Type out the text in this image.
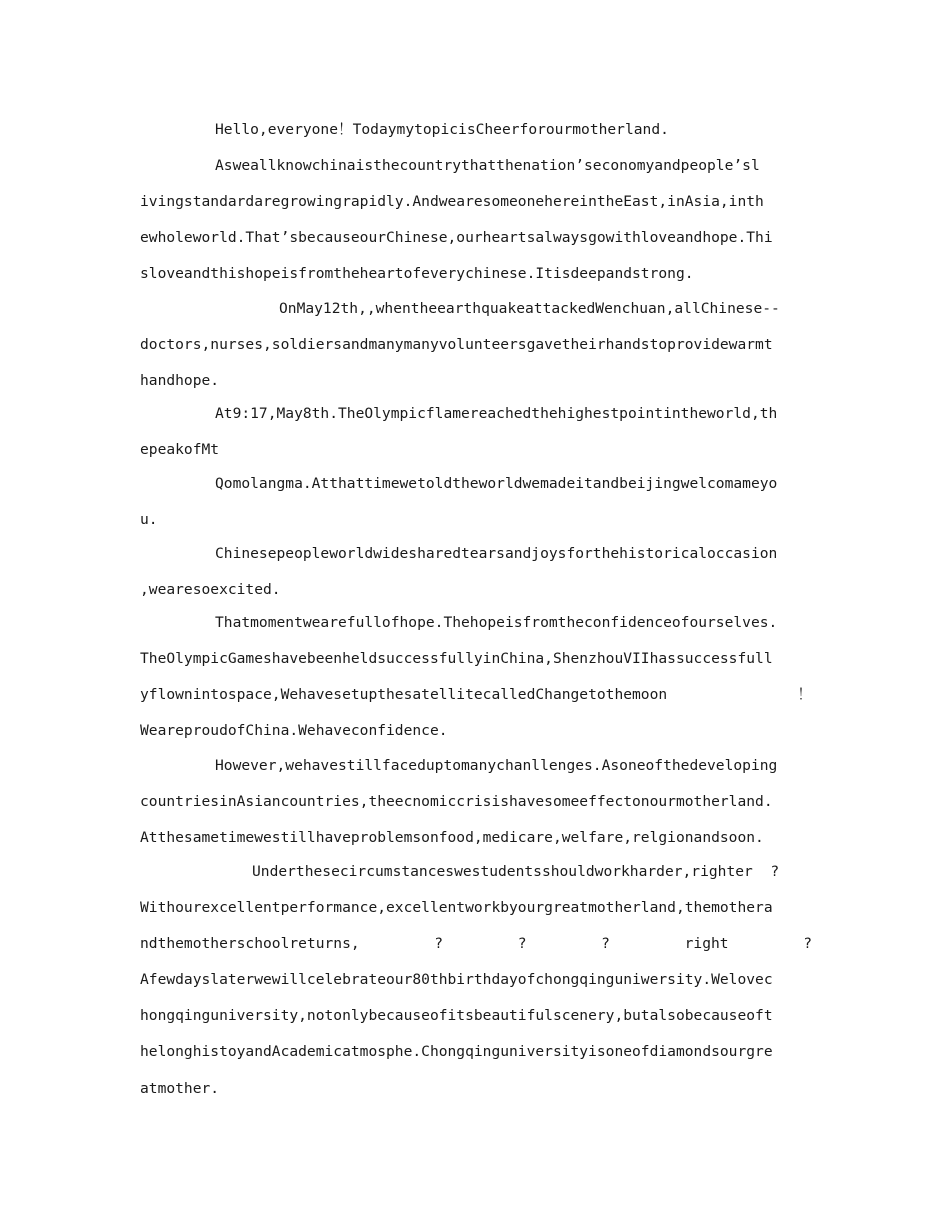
Hello,everyone！TodaymytopicisCheerforourmotherland.
Asweallknowchinaisthecountrythatthenation’seconomyandpeople’sl
ivingstandardaregrowingrapidly.AndwearesomeonehereintheEast,inAsia,inth
ewholeworld.That’sbecauseourChinese,ourheartsalwaysgowithloveandhope.Thi
sloveandthishopeisfromtheheartofeverychinese.Itisdeepandstrong.
OnMay12th,,whentheearthquakeattackedWenchuan,allChinese--
doctors,nurses,soldiersandmanymanyvolunteersgavetheirhandstoprovidewarmt
handhope.
At9:17,May8th.TheOlympicflamereachedthehighestpointintheworld,th
epeakofMt
Qomolangma.Atthattimewetoldtheworldwemadeitandbeijingwelcomameyo
u.
Chinesepeopleworldwidesharedtearsandjoysforthehistoricaloccasion
,wearesoexcited.
Thatmomentwearefullofhope.Thehopeisfromtheconfidenceofourselves.
TheOlympicGameshavebeenheldsuccessfullyinChina,ShenzhouVIIhassuccessfull
yflownintospace,WehavesetupthesatellitecalledChangetothemoon        ！
WeareproudofChina.Wehaveconfidence.
However,wehavestillfaceduptomanychanllenges.Asoneofthedeveloping
countriesinAsiancountries,theecnomiccrisishavesomeeffectonourmotherland.
Atthesametimewestillhaveproblemsonfood,medicare,welfare,relgionandsoon.
Underthesecircumstanceswestudentsshouldworkharder,righter  ?
Withourexcellentperformance,excellentworkbyourgreatmotherland,themothera
ndthemotherschoolreturns,    ?    ?    ?    right    ?
Afewdayslaterwewillcelebrateour80thbirthdayofchongqinguniwersity.Welovec
hongqinguniversity,notonlybecauseofitsbeautifulscenery,butalsobecauseoft
helonghistoyandAcademicatmosphe.Chongqinguniversityisoneofdiamondsourgre
atmother.
